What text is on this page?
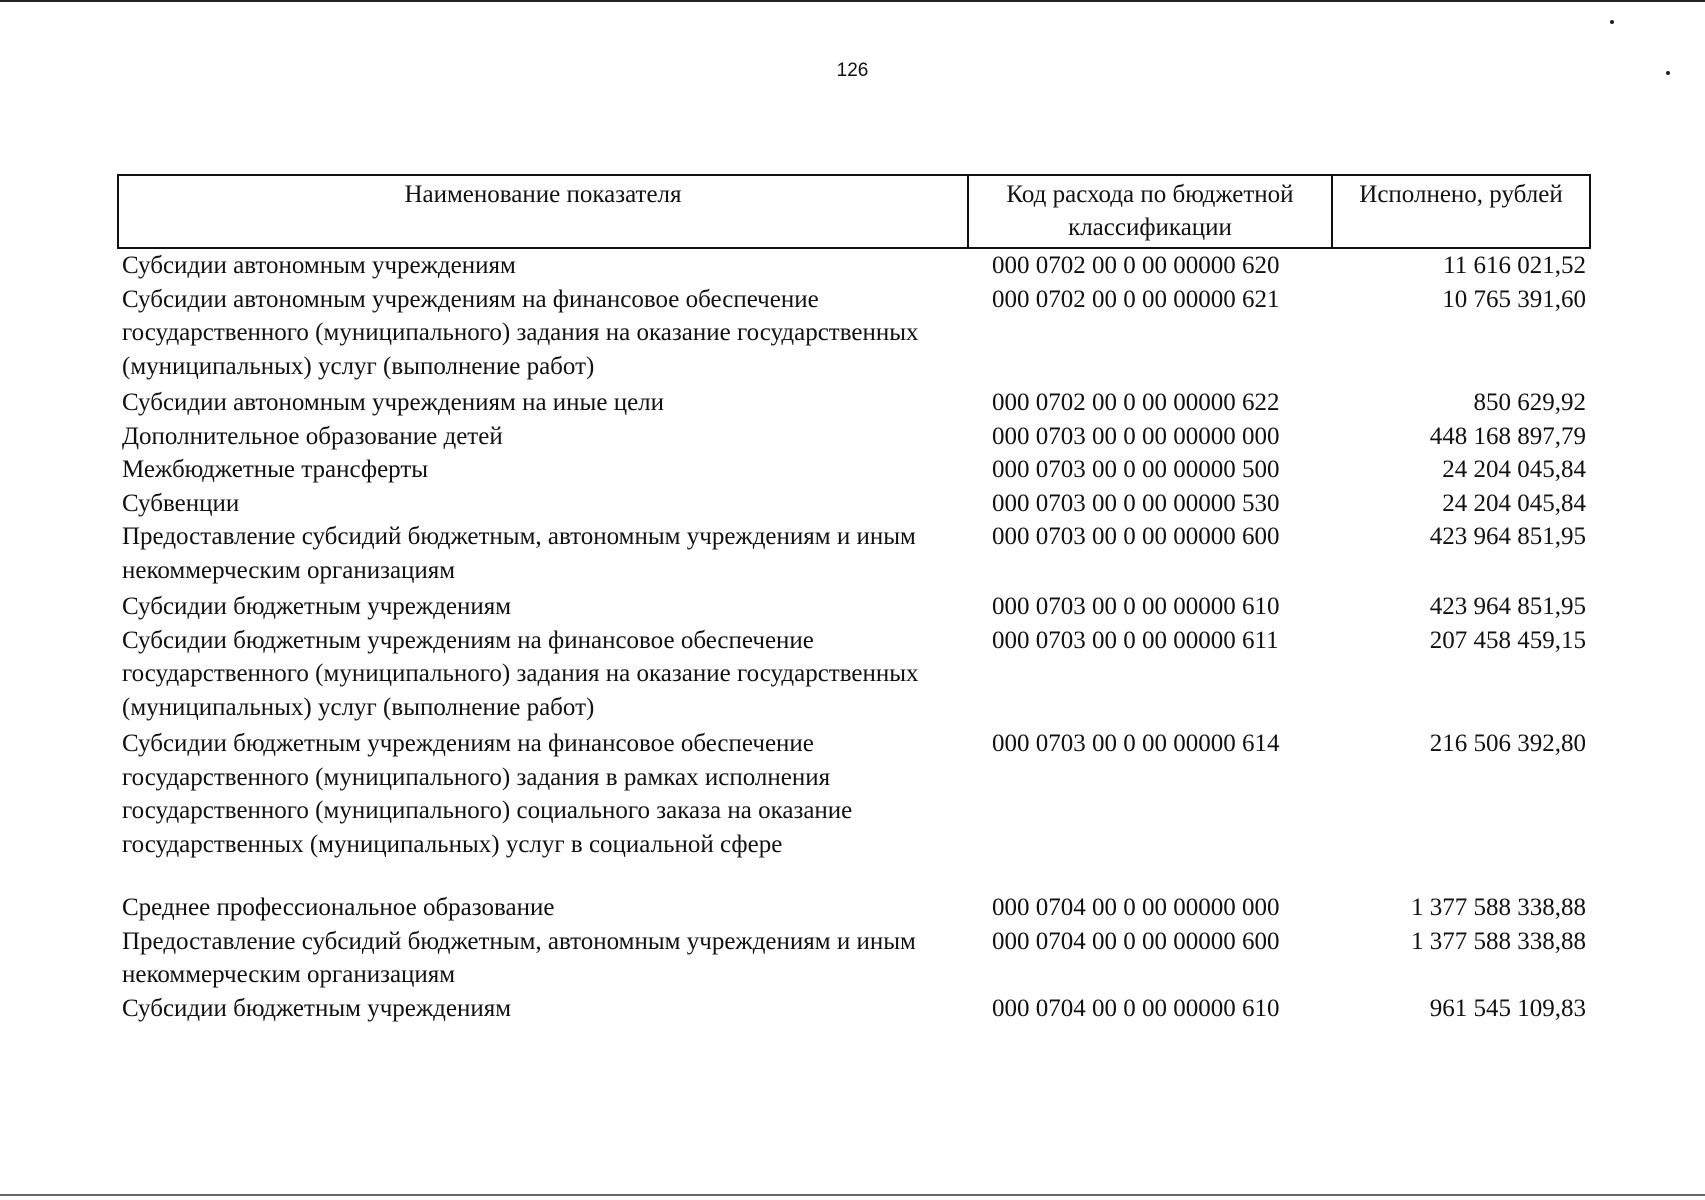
126
Наименование показателя	Код расхода по бюджетной классификации	Исполнено, рублей
Субсидии автономным учреждениям	000 0702 00 0 00 00000 620	11 616 021,52
Субсидии автономным учреждениям на финансовое обеспечение государственного (муниципального) задания на оказание государственных (муниципальных) услуг (выполнение работ)	000 0702 00 0 00 00000 621	10 765 391,60
Субсидии автономным учреждениям на иные цели	000 0702 00 0 00 00000 622	850 629,92
Дополнительное образование детей	000 0703 00 0 00 00000 000	448 168 897,79
Межбюджетные трансферты	000 0703 00 0 00 00000 500	24 204 045,84
Субвенции	000 0703 00 0 00 00000 530	24 204 045,84
Предоставление субсидий бюджетным, автономным учреждениям и иным некоммерческим организациям	000 0703 00 0 00 00000 600	423 964 851,95
Субсидии бюджетным учреждениям	000 0703 00 0 00 00000 610	423 964 851,95
Субсидии бюджетным учреждениям на финансовое обеспечение государственного (муниципального) задания на оказание государственных (муниципальных) услуг (выполнение работ)	000 0703 00 0 00 00000 611	207 458 459,15
Субсидии бюджетным учреждениям на финансовое обеспечение государственного (муниципального) задания в рамках исполнения государственного (муниципального) социального заказа на оказание государственных (муниципальных) услуг в социальной сфере	000 0703 00 0 00 00000 614	216 506 392,80
Среднее профессиональное образование	000 0704 00 0 00 00000 000	1 377 588 338,88
Предоставление субсидий бюджетным, автономным учреждениям и иным некоммерческим организациям	000 0704 00 0 00 00000 600	1 377 588 338,88
Субсидии бюджетным учреждениям	000 0704 00 0 00 00000 610	961 545 109,83
